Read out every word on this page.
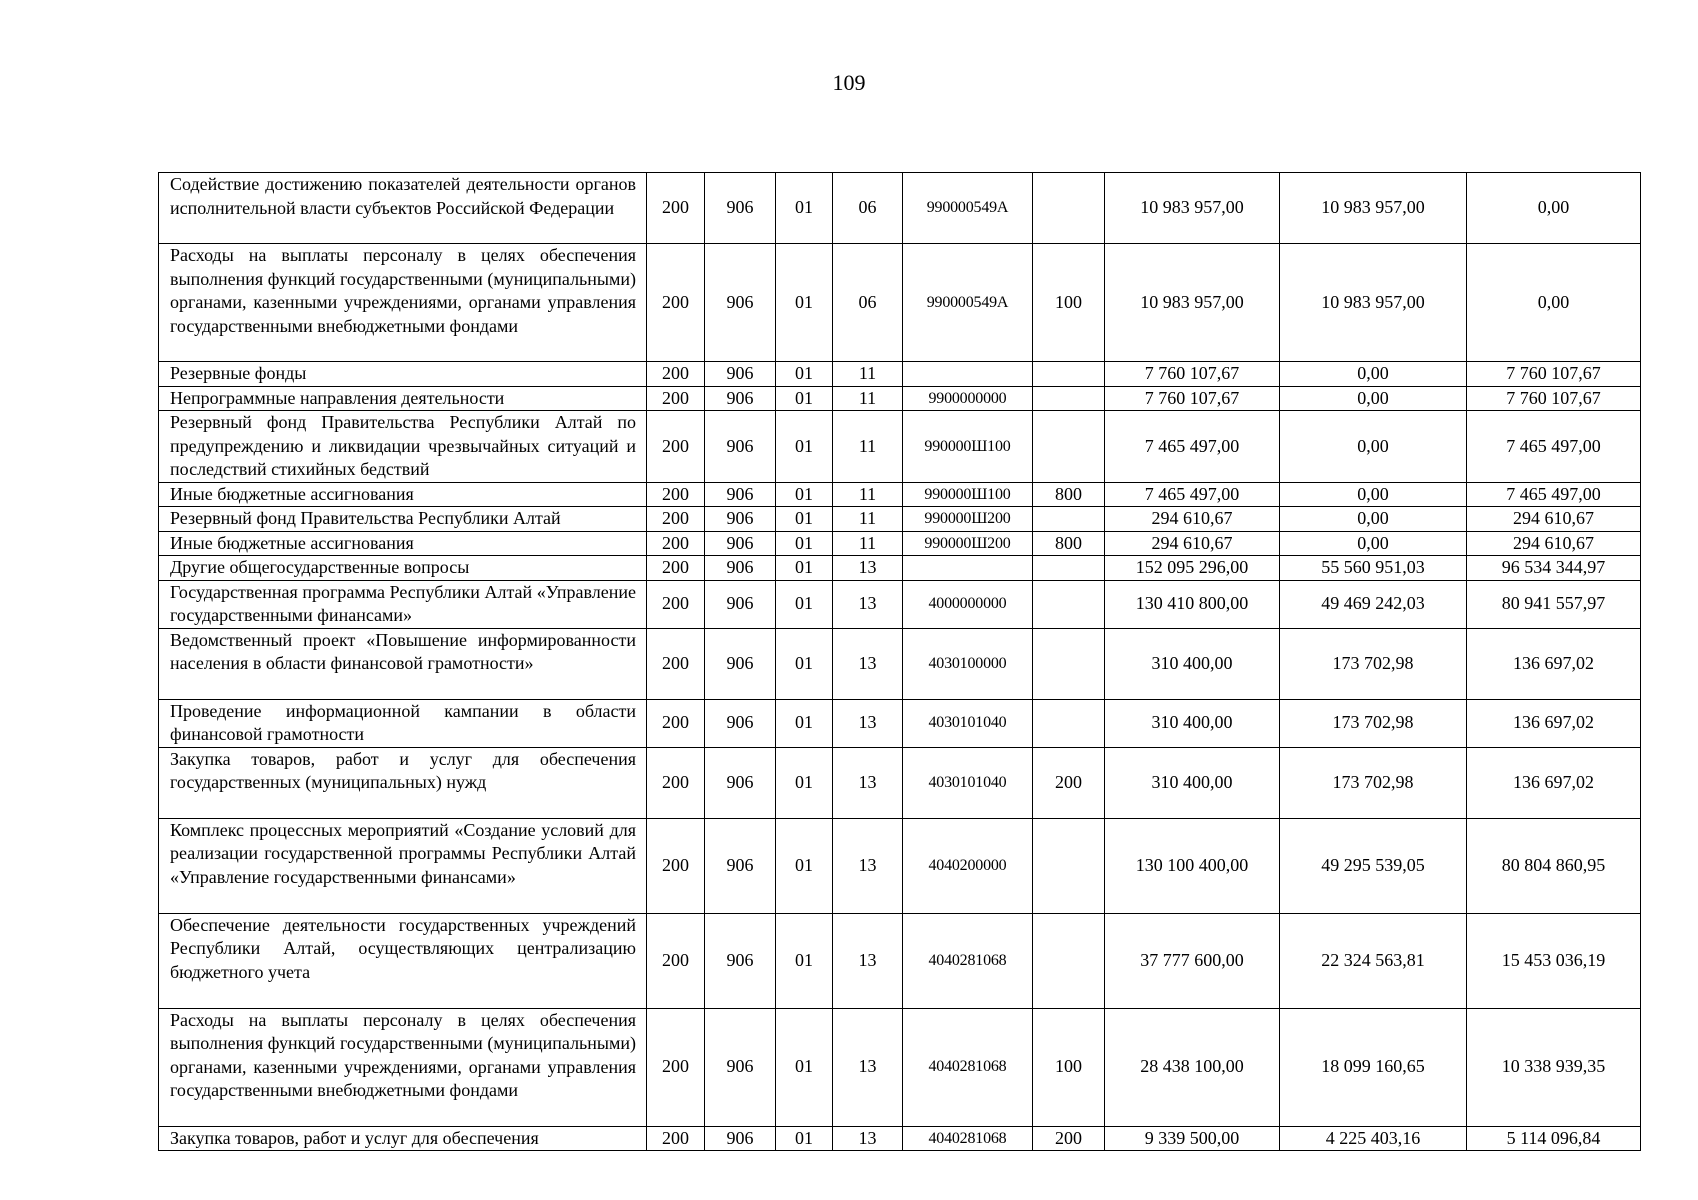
109
Содействие достижению показателей деятельности органов исполнительной власти субъектов Российской Федерации	200	906	01	06	990000549А		10 983 957,00	10 983 957,00	0,00
Расходы на выплаты персоналу в целях обеспечения выполнения функций государственными (муниципальными) органами, казенными учреждениями, органами управления государственными внебюджетными фондами	200	906	01	06	990000549А	100	10 983 957,00	10 983 957,00	0,00
Резервные фонды	200	906	01	11			7 760 107,67	0,00	7 760 107,67
Непрограммные направления деятельности	200	906	01	11	9900000000		7 760 107,67	0,00	7 760 107,67
Резервный фонд Правительства Республики Алтай по предупреждению и ликвидации чрезвычайных ситуаций и последствий стихийных бедствий	200	906	01	11	990000Ш100		7 465 497,00	0,00	7 465 497,00
Иные бюджетные ассигнования	200	906	01	11	990000Ш100	800	7 465 497,00	0,00	7 465 497,00
Резервный фонд Правительства Республики Алтай	200	906	01	11	990000Ш200		294 610,67	0,00	294 610,67
Иные бюджетные ассигнования	200	906	01	11	990000Ш200	800	294 610,67	0,00	294 610,67
Другие общегосударственные вопросы	200	906	01	13			152 095 296,00	55 560 951,03	96 534 344,97
Государственная программа Республики Алтай «Управление государственными финансами»	200	906	01	13	4000000000		130 410 800,00	49 469 242,03	80 941 557,97
Ведомственный проект «Повышение информированности населения в области финансовой грамотности»	200	906	01	13	4030100000		310 400,00	173 702,98	136 697,02
Проведение информационной кампании в области финансовой грамотности	200	906	01	13	4030101040		310 400,00	173 702,98	136 697,02
Закупка товаров, работ и услуг для обеспечения государственных (муниципальных) нужд	200	906	01	13	4030101040	200	310 400,00	173 702,98	136 697,02
Комплекс процессных мероприятий «Создание условий для реализации государственной программы Республики Алтай «Управление государственными финансами»	200	906	01	13	4040200000		130 100 400,00	49 295 539,05	80 804 860,95
Обеспечение деятельности государственных учреждений Республики Алтай, осуществляющих централизацию бюджетного учета	200	906	01	13	4040281068		37 777 600,00	22 324 563,81	15 453 036,19
Расходы на выплаты персоналу в целях обеспечения выполнения функций государственными (муниципальными) органами, казенными учреждениями, органами управления государственными внебюджетными фондами	200	906	01	13	4040281068	100	28 438 100,00	18 099 160,65	10 338 939,35
Закупка товаров, работ и услуг для обеспечения	200	906	01	13	4040281068	200	9 339 500,00	4 225 403,16	5 114 096,84
